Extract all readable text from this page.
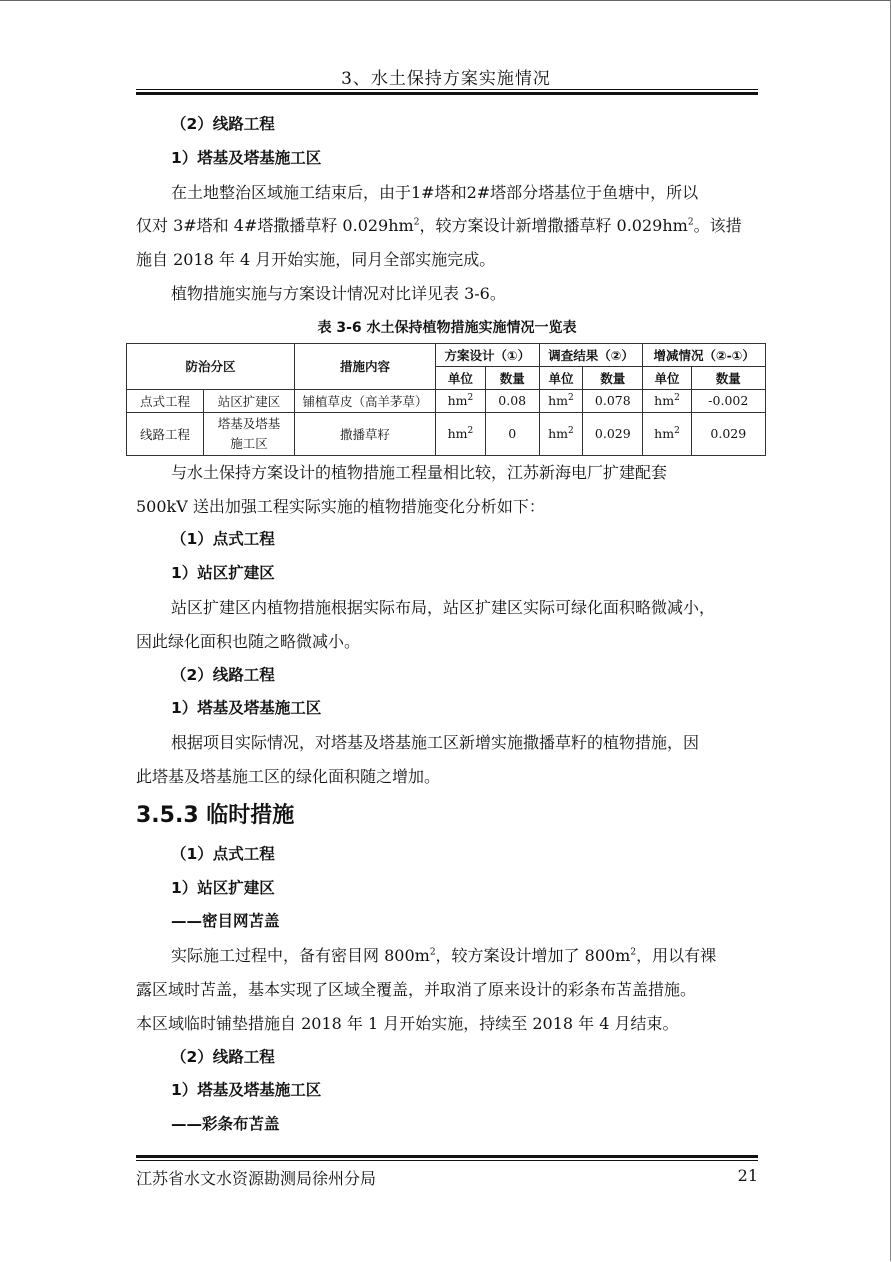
3、水土保持方案实施情况
（2）线路工程
1）塔基及塔基施工区
在土地整治区域施工结束后，由于1#塔和2#塔部分塔基位于鱼塘中，所以
仅对 3#塔和 4#塔撒播草籽 $0.029hm^2$，较方案设计新增撒播草籽 $0.029hm^2$。该措
施自 2018 年 4 月开始实施，同月全部实施完成。
植物措施实施与方案设计情况对比详见表 3-6。
表 3-6 水土保持植物措施实施情况一览表
防治分区		措施内容	方案设计（①）		调查结果（②）		增减情况（②-①）	
			单位	数量	单位	数量	单位	数量
点式工程	站区扩建区	铺植草皮（高羊茅草）	$hm^2$	0.08	$hm^2$	0.078	$hm^2$	-0.002
线路工程	塔基及塔基施工区	撒播草籽	$hm^2$	0	$hm^2$	0.029	$hm^2$	0.029
与水土保持方案设计的植物措施工程量相比较，江苏新海电厂扩建配套
500kV 送出加强工程实际实施的植物措施变化分析如下：
（1）点式工程
1）站区扩建区
站区扩建区内植物措施根据实际布局，站区扩建区实际可绿化面积略微减小，
因此绿化面积也随之略微减小。
（2）线路工程
1）塔基及塔基施工区
根据项目实际情况，对塔基及塔基施工区新增实施撒播草籽的植物措施，因
此塔基及塔基施工区的绿化面积随之增加。
3.5.3 临时措施
（1）点式工程
1）站区扩建区
——密目网苫盖
实际施工过程中，备有密目网 $800m^2$，较方案设计增加了 $800m^2$，用以有裸
露区域时苫盖，基本实现了区域全覆盖，并取消了原来设计的彩条布苫盖措施。
本区域临时铺垫措施自 2018 年 1 月开始实施，持续至 2018 年 4 月结束。
（2）线路工程
1）塔基及塔基施工区
——彩条布苫盖
江苏省水文水资源勘测局徐州分局	21
